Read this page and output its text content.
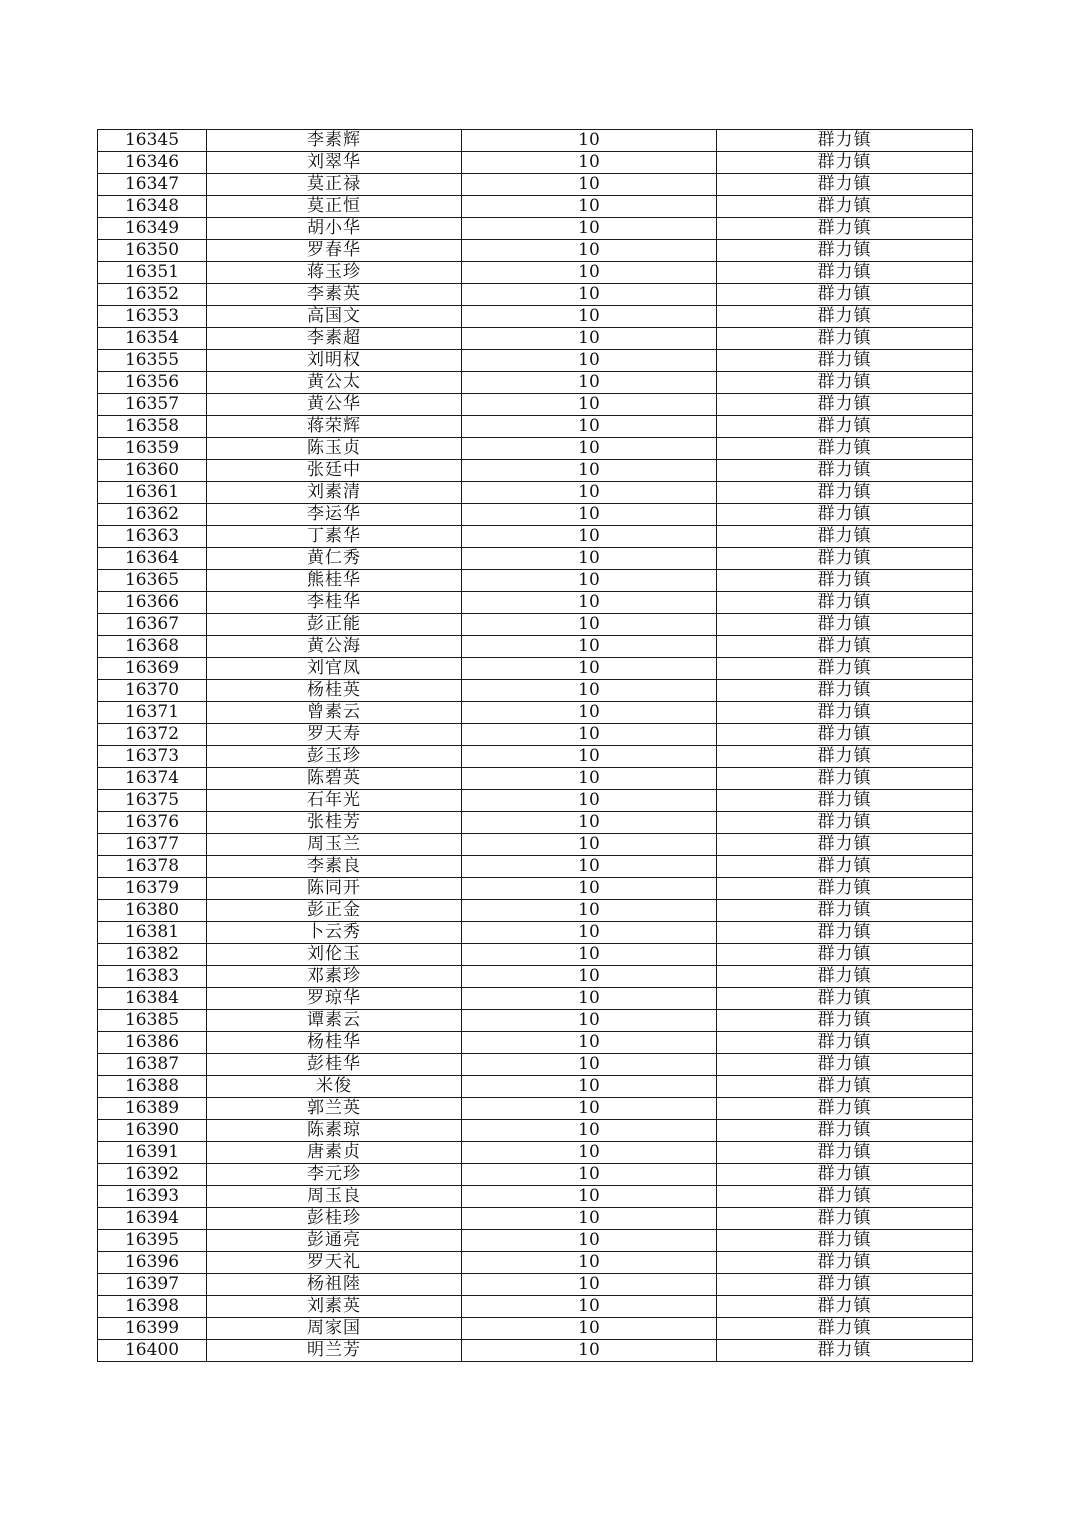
16345	李素辉	10	群力镇
16346	刘翠华	10	群力镇
16347	莫正禄	10	群力镇
16348	莫正恒	10	群力镇
16349	胡小华	10	群力镇
16350	罗春华	10	群力镇
16351	蒋玉珍	10	群力镇
16352	李素英	10	群力镇
16353	高国文	10	群力镇
16354	李素超	10	群力镇
16355	刘明权	10	群力镇
16356	黄公太	10	群力镇
16357	黄公华	10	群力镇
16358	蒋荣辉	10	群力镇
16359	陈玉贞	10	群力镇
16360	张廷中	10	群力镇
16361	刘素清	10	群力镇
16362	李运华	10	群力镇
16363	丁素华	10	群力镇
16364	黄仁秀	10	群力镇
16365	熊桂华	10	群力镇
16366	李桂华	10	群力镇
16367	彭正能	10	群力镇
16368	黄公海	10	群力镇
16369	刘官凤	10	群力镇
16370	杨桂英	10	群力镇
16371	曾素云	10	群力镇
16372	罗天寿	10	群力镇
16373	彭玉珍	10	群力镇
16374	陈碧英	10	群力镇
16375	石年光	10	群力镇
16376	张桂芳	10	群力镇
16377	周玉兰	10	群力镇
16378	李素良	10	群力镇
16379	陈同开	10	群力镇
16380	彭正金	10	群力镇
16381	卜云秀	10	群力镇
16382	刘伦玉	10	群力镇
16383	邓素珍	10	群力镇
16384	罗琼华	10	群力镇
16385	谭素云	10	群力镇
16386	杨桂华	10	群力镇
16387	彭桂华	10	群力镇
16388	米俊	10	群力镇
16389	郭兰英	10	群力镇
16390	陈素琼	10	群力镇
16391	唐素贞	10	群力镇
16392	李元珍	10	群力镇
16393	周玉良	10	群力镇
16394	彭桂珍	10	群力镇
16395	彭通亮	10	群力镇
16396	罗天礼	10	群力镇
16397	杨祖陸	10	群力镇
16398	刘素英	10	群力镇
16399	周家国	10	群力镇
16400	明兰芳	10	群力镇
